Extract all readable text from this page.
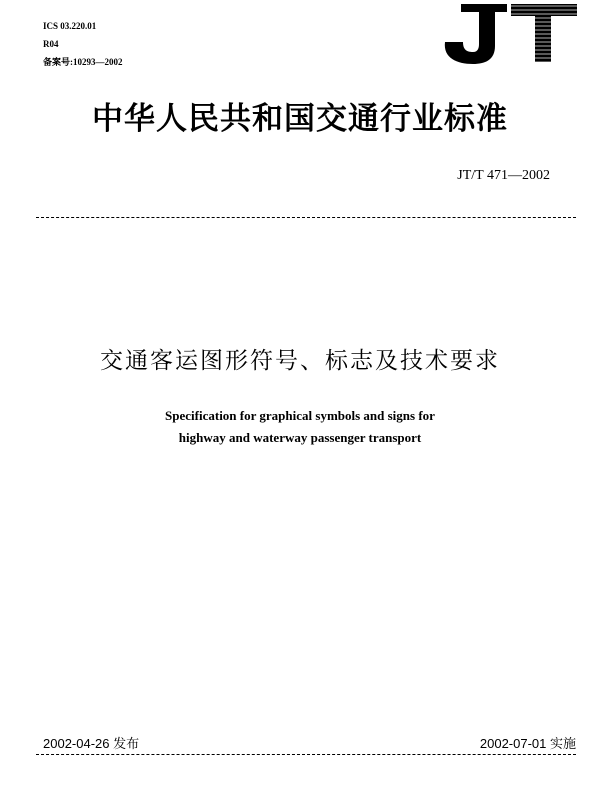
ICS 03.220.01
R04
备案号:10293—2002
中华人民共和国交通行业标准
JT/T 471—2002
交通客运图形符号、标志及技术要求
Specification for graphical symbols and signs for
highway and waterway passenger transport
2002-04-26 发布	2002-07-01 实施
